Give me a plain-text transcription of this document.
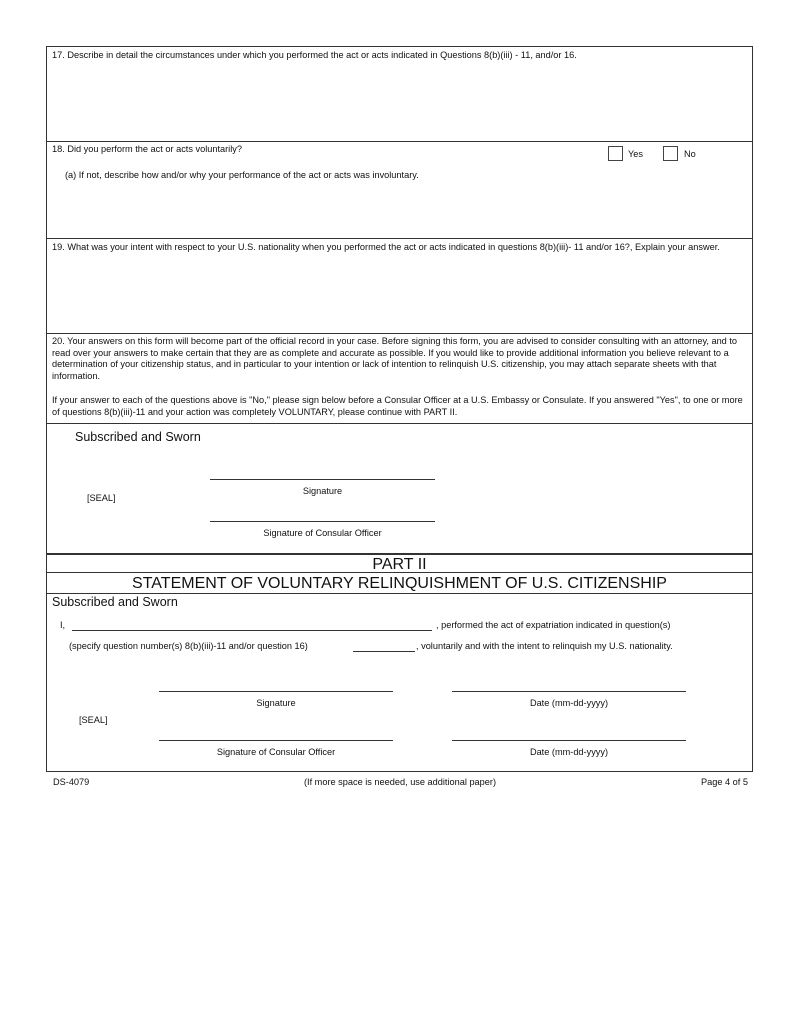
17. Describe in detail the circumstances under which you performed the act or acts indicated in Questions 8(b)(iii) - 11, and/or 16.
18. Did you perform the act or acts voluntarily?	Yes	No
(a) If not, describe how and/or why your performance of the act or acts was involuntary.
19. What was your intent with respect to your U.S. nationality when you performed the act or acts indicated in questions 8(b)(iii)- 11 and/or 16?, Explain your answer.
20. Your answers on this form will become part of the official record in your case. Before signing this form, you are advised to consider consulting with an attorney, and to read over your answers to make certain that they are as complete and accurate as possible. If you would like to provide additional information you believe relevant to a determination of your citizenship status, and in particular to your intention or lack of intention to relinquish U.S. citizenship, you may attach separate sheets with that information.
If your answer to each of the questions above is "No," please sign below before a Consular Officer at a U.S. Embassy or Consulate. If you answered "Yes", to one or more of questions 8(b)(iii)-11 and your action was completely VOLUNTARY, please continue with PART II.
Subscribed and Sworn
Signature
[SEAL]
Signature of Consular Officer
PART II
STATEMENT OF VOLUNTARY RELINQUISHMENT OF U.S. CITIZENSHIP
Subscribed and Sworn
I,	, performed the act of expatriation indicated in question(s)
(specify question number(s) 8(b)(iii)-11 and/or question 16)	, voluntarily and with the intent to relinquish my U.S. nationality.
Signature	Date (mm-dd-yyyy)
[SEAL]
Signature of Consular Officer	Date (mm-dd-yyyy)
DS-4079	(If more space is needed, use additional paper)	Page 4 of 5
